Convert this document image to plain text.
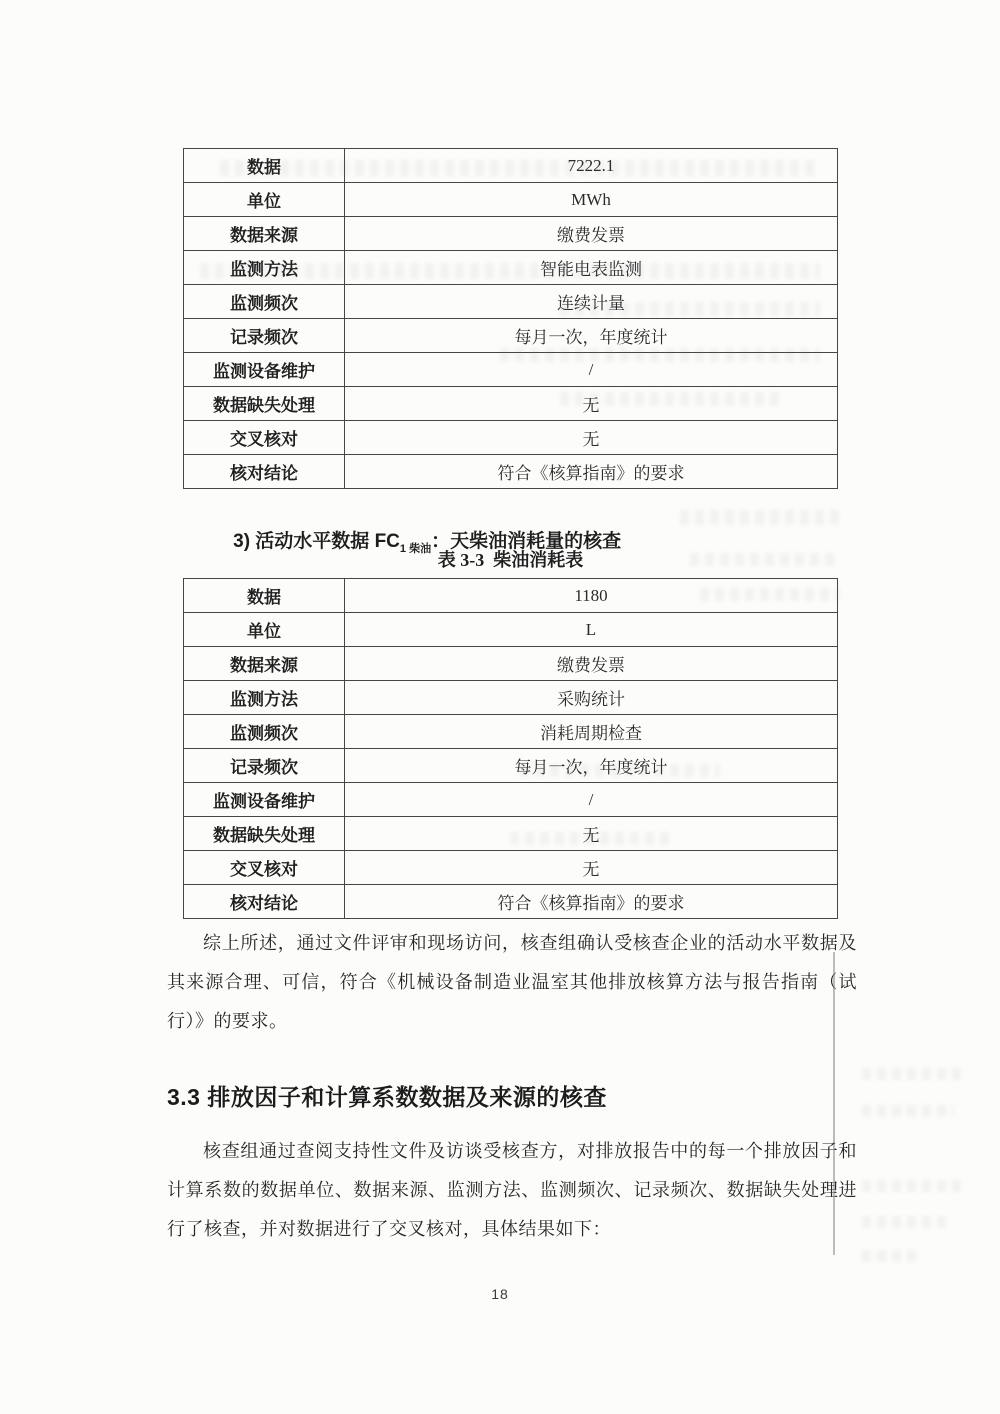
数据	7222.1
单位	MWh
数据来源	缴费发票
监测方法	智能电表监测
监测频次	连续计量
记录频次	每月一次，年度统计
监测设备维护	/
数据缺失处理	无
交叉核对	无
核对结论	符合《核算指南》的要求

3) 活动水平数据 $FC_{1 柴油}$：天柴油消耗量的核查

表 3-3  柴油消耗表
数据	1180
单位	L
数据来源	缴费发票
监测方法	采购统计
监测频次	消耗周期检查
记录频次	每月一次，年度统计
监测设备维护	/
数据缺失处理	无
交叉核对	无
核对结论	符合《核算指南》的要求

综上所述，通过文件评审和现场访问，核查组确认受核查企业的活动水平数据及其来源合理、可信，符合《机械设备制造业温室其他排放核算方法与报告指南（试行）》的要求。

3.3 排放因子和计算系数数据及来源的核查

核查组通过查阅支持性文件及访谈受核查方，对排放报告中的每一个排放因子和计算系数的数据单位、数据来源、监测方法、监测频次、记录频次、数据缺失处理进行了核查，并对数据进行了交叉核对，具体结果如下：

18
